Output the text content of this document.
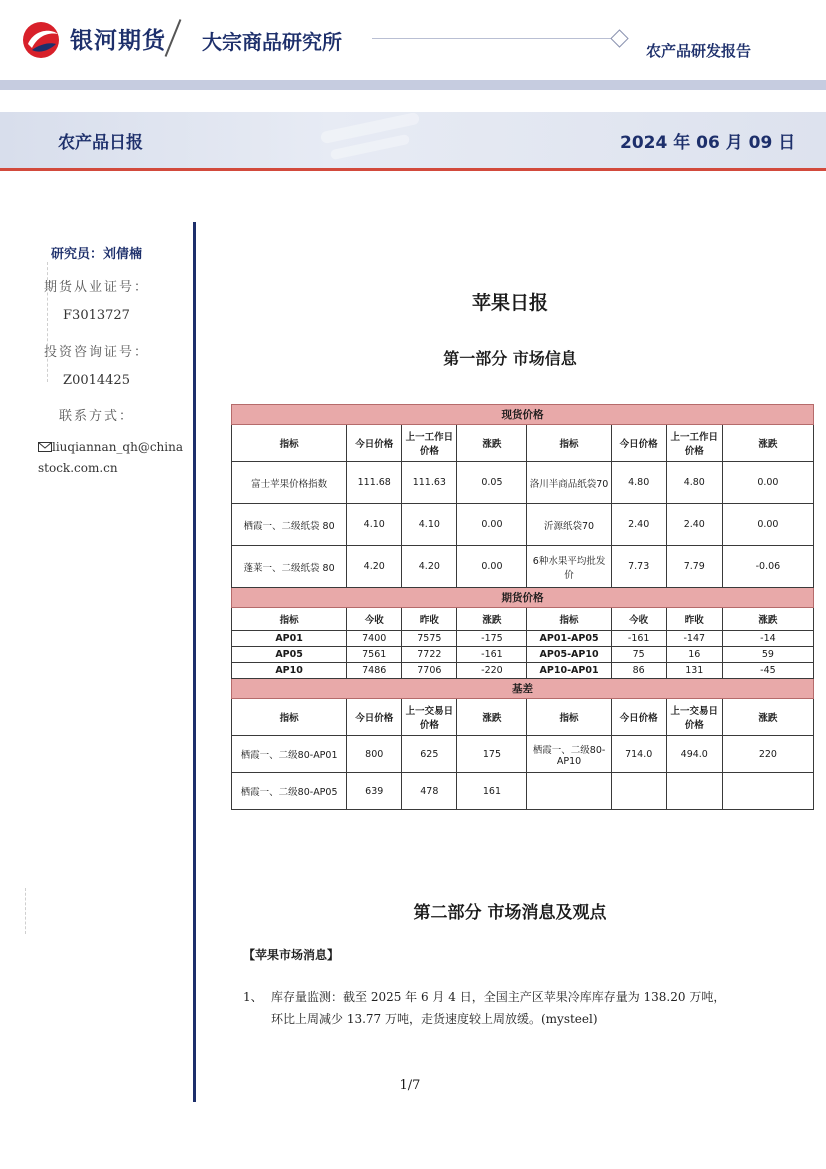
银河期货 大宗商品研究所	农产品研发报告
农产品日报	2024 年 06 月 09 日
研究员：刘倩楠
期货从业证号：
F3013727
投资咨询证号：
Z0014425
联系方式：
liuqiannan_qh@chinastock.com.cn
苹果日报
第一部分 市场信息
现货价格							
指标	今日价格	上一工作日价格	涨跌	指标	今日价格	上一工作日价格	涨跌
富士苹果价格指数	111.68	111.63	0.05	洛川半商品纸袋70	4.80	4.80	0.00
栖霞一、二级纸袋 80	4.10	4.10	0.00	沂源纸袋70	2.40	2.40	0.00
蓬莱一、二级纸袋 80	4.20	4.20	0.00	6种水果平均批发价	7.73	7.79	-0.06
期货价格							
指标	今收	昨收	涨跌	指标	今收	昨收	涨跌
AP01	7400	7575	-175	AP01-AP05	-161	-147	-14
AP05	7561	7722	-161	AP05-AP10	75	16	59
AP10	7486	7706	-220	AP10-AP01	86	131	-45
基差							
指标	今日价格	上一交易日价格	涨跌	指标	今日价格	上一交易日价格	涨跌
栖霞一、二级80-AP01	800	625	175	栖霞一、二级80-AP10	714.0	494.0	220
栖霞一、二级80-AP05	639	478	161				
第二部分 市场消息及观点
【苹果市场消息】
1、 库存量监测：截至 2025 年 6 月 4 日，全国主产区苹果冷库库存量为 138.20 万吨，
环比上周减少 13.77 万吨，走货速度较上周放缓。(mysteel)
1/7
